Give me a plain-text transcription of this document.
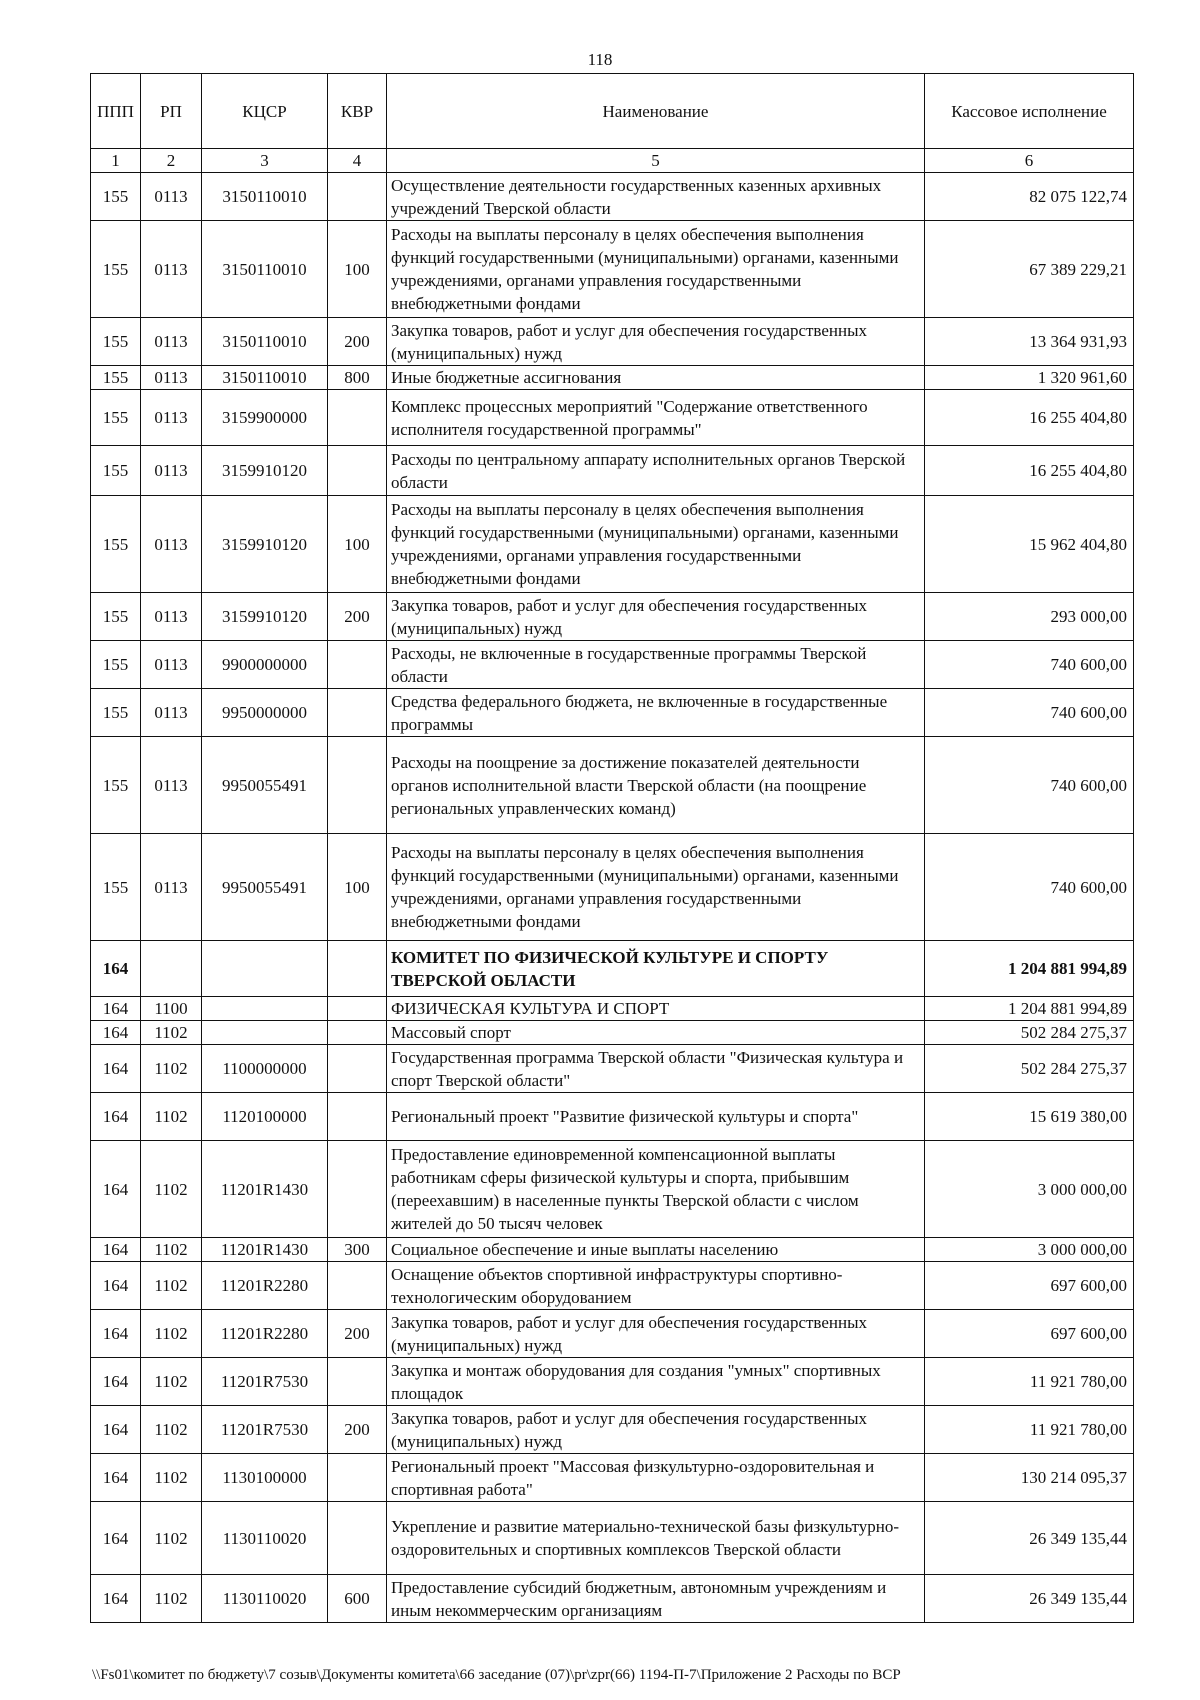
118
ППП	РП	КЦСР	КВР	Наименование	Кассовое исполнение
1	2	3	4	5	6
155	0113	3150110010		Осуществление деятельности государственных казенных архивных учреждений Тверской области	82 075 122,74
155	0113	3150110010	100	Расходы на выплаты персоналу в целях обеспечения выполнения функций государственными (муниципальными) органами, казенными учреждениями, органами управления государственными внебюджетными фондами	67 389 229,21
155	0113	3150110010	200	Закупка товаров, работ и услуг для обеспечения государственных (муниципальных) нужд	13 364 931,93
155	0113	3150110010	800	Иные бюджетные ассигнования	1 320 961,60
155	0113	3159900000		Комплекс процессных мероприятий "Содержание ответственного исполнителя государственной программы"	16 255 404,80
155	0113	3159910120		Расходы по центральному аппарату исполнительных органов Тверской области	16 255 404,80
155	0113	3159910120	100	Расходы на выплаты персоналу в целях обеспечения выполнения функций государственными (муниципальными) органами, казенными учреждениями, органами управления государственными внебюджетными фондами	15 962 404,80
155	0113	3159910120	200	Закупка товаров, работ и услуг для обеспечения государственных (муниципальных) нужд	293 000,00
155	0113	9900000000		Расходы, не включенные в государственные программы Тверской области	740 600,00
155	0113	9950000000		Средства федерального бюджета, не включенные в государственные программы	740 600,00
155	0113	9950055491		Расходы на поощрение за достижение показателей деятельности органов исполнительной власти Тверской области (на поощрение региональных управленческих команд)	740 600,00
155	0113	9950055491	100	Расходы на выплаты персоналу в целях обеспечения выполнения функций государственными (муниципальными) органами, казенными учреждениями, органами управления государственными внебюджетными фондами	740 600,00
164				КОМИТЕТ ПО ФИЗИЧЕСКОЙ КУЛЬТУРЕ И СПОРТУ ТВЕРСКОЙ ОБЛАСТИ	1 204 881 994,89
164	1100			ФИЗИЧЕСКАЯ КУЛЬТУРА И СПОРТ	1 204 881 994,89
164	1102			Массовый спорт	502 284 275,37
164	1102	1100000000		Государственная программа Тверской области "Физическая культура и спорт Тверской области"	502 284 275,37
164	1102	1120100000		Региональный проект "Развитие физической культуры и спорта"	15 619 380,00
164	1102	11201R1430		Предоставление единовременной компенсационной выплаты работникам сферы физической культуры и спорта, прибывшим (переехавшим) в населенные пункты Тверской области с числом жителей до 50 тысяч человек	3 000 000,00
164	1102	11201R1430	300	Социальное обеспечение и иные выплаты населению	3 000 000,00
164	1102	11201R2280		Оснащение объектов спортивной инфраструктуры спортивно-технологическим оборудованием	697 600,00
164	1102	11201R2280	200	Закупка товаров, работ и услуг для обеспечения государственных (муниципальных) нужд	697 600,00
164	1102	11201R7530		Закупка и монтаж оборудования для создания "умных" спортивных площадок	11 921 780,00
164	1102	11201R7530	200	Закупка товаров, работ и услуг для обеспечения государственных (муниципальных) нужд	11 921 780,00
164	1102	1130100000		Региональный проект "Массовая физкультурно-оздоровительная и спортивная работа"	130 214 095,37
164	1102	1130110020		Укрепление и развитие материально-технической базы физкультурно-оздоровительных и спортивных комплексов Тверской области	26 349 135,44
164	1102	1130110020	600	Предоставление субсидий бюджетным, автономным учреждениям и иным некоммерческим организациям	26 349 135,44
\\Fs01\комитет по бюджету\7 созыв\Документы комитета\66 заседание (07)\pr\zpr(66) 1194-П-7\Приложение 2 Расходы по ВСР
